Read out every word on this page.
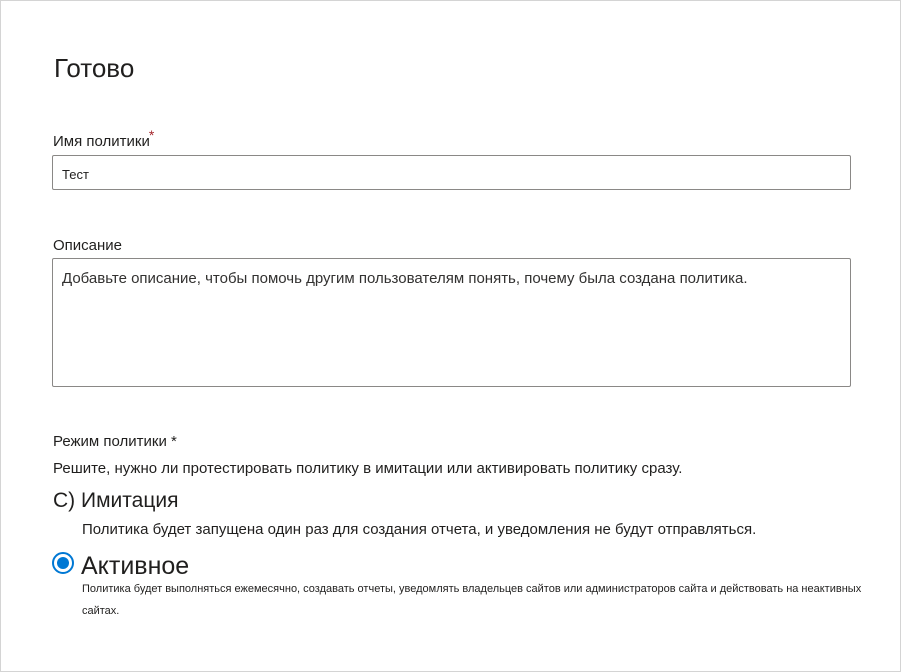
Готово
Имя политики*
Тест
Описание
Добавьте описание, чтобы помочь другим пользователям понять, почему была создана политика.
Режим политики *
Решите, нужно ли протестировать политику в имитации или активировать политику сразу.
C) Имитация
Политика будет запущена один раз для создания отчета, и уведомления не будут отправляться.
Активное
Политика будет выполняться ежемесячно, создавать отчеты, уведомлять владельцев сайтов или администраторов сайта и действовать на неактивных
сайтах.
